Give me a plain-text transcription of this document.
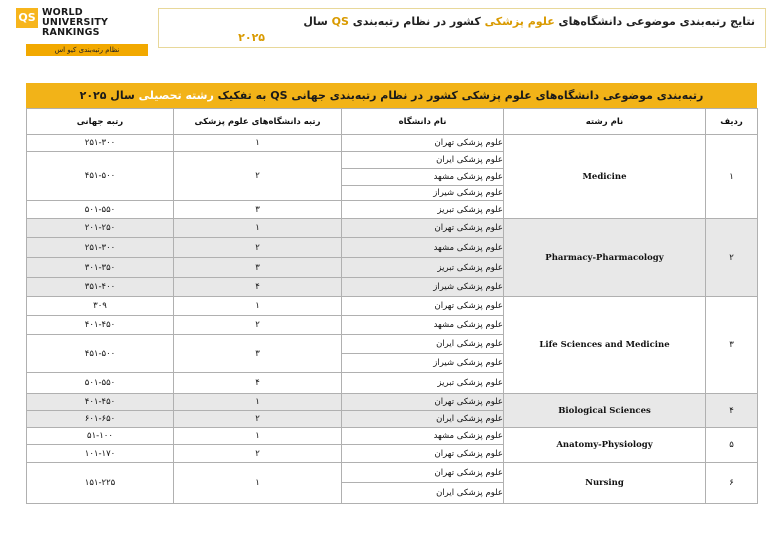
QS WORLD
UNIVERSITY
RANKINGS
نظام رتبه‌بندی کیو اس
نتایج رتبه‌بندی موضوعی دانشگاه‌های علوم پزشکی کشور در نظام رتبه‌بندی QS سال
۲۰۲۵
رتبه‌بندی موضوعی دانشگاه‌های علوم پزشکی کشور در نظام رتبه‌بندی جهانی QS به تفکیک رشته تحصیلی سال ۲۰۲۵
رتبه جهانی	رتبه دانشگاه‌های علوم پزشکی	نام دانشگاه	نام رشته	ردیف
۲۵۱-۳۰۰	۱	علوم پزشکی تهران	Medicine	۱
۴۵۱-۵۰۰	۲	علوم پزشکی ایران		
		علوم پزشکی مشهد		
		علوم پزشکی شیراز		
۵۰۱-۵۵۰	۳	علوم پزشکی تبریز		
۲۰۱-۲۵۰	۱	علوم پزشکی تهران	Pharmacy-Pharmacology	۲
۲۵۱-۳۰۰	۲	علوم پزشکی مشهد		
۳۰۱-۳۵۰	۳	علوم پزشکی تبریز		
۳۵۱-۴۰۰	۴	علوم پزشکی شیراز		
۳۰۹	۱	علوم پزشکی تهران	Life Sciences and Medicine	۳
۴۰۱-۴۵۰	۲	علوم پزشکی مشهد		
۴۵۱-۵۰۰	۳	علوم پزشکی ایران		
		علوم پزشکی شیراز		
۵۰۱-۵۵۰	۴	علوم پزشکی تبریز		
۴۰۱-۴۵۰	۱	علوم پزشکی تهران	Biological Sciences	۴
۶۰۱-۶۵۰	۲	علوم پزشکی ایران		
۵۱-۱۰۰	۱	علوم پزشکی مشهد	Anatomy-Physiology	۵
۱۰۱-۱۷۰	۲	علوم پزشکی تهران		
۱۵۱-۲۲۵	۱	علوم پزشکی تهران	Nursing	۶
		علوم پزشکی ایران		
